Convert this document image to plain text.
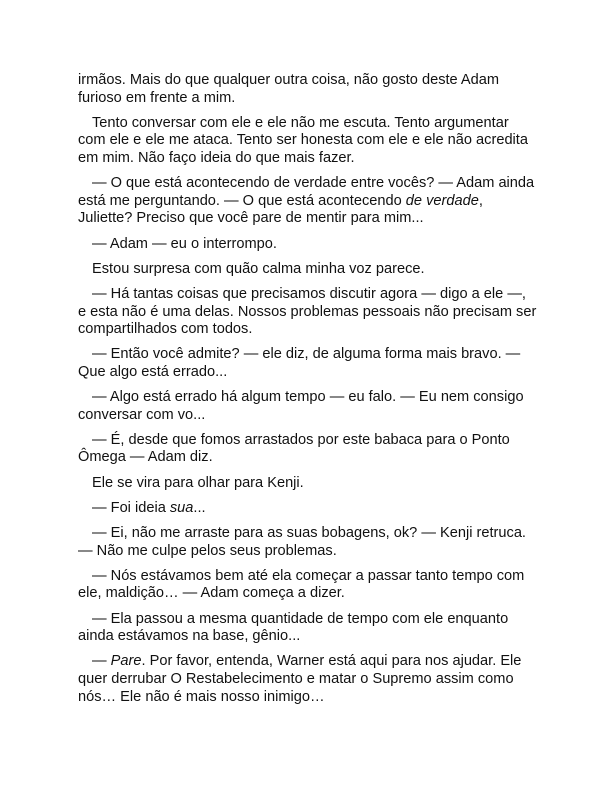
irmãos. Mais do que qualquer outra coisa, não gosto deste Adam furioso em frente a mim.

Tento conversar com ele e ele não me escuta. Tento argumentar com ele e ele me ataca. Tento ser honesta com ele e ele não acredita em mim. Não faço ideia do que mais fazer.

— O que está acontecendo de verdade entre vocês? — Adam ainda está me perguntando. — O que está acontecendo de verdade, Juliette? Preciso que você pare de mentir para mim...

— Adam — eu o interrompo.

Estou surpresa com quão calma minha voz parece.

— Há tantas coisas que precisamos discutir agora — digo a ele —, e esta não é uma delas. Nossos problemas pessoais não precisam ser compartilhados com todos.

— Então você admite? — ele diz, de alguma forma mais bravo. — Que algo está errado...

— Algo está errado há algum tempo — eu falo. — Eu nem consigo conversar com vo...

— É, desde que fomos arrastados por este babaca para o Ponto Ômega — Adam diz.

Ele se vira para olhar para Kenji.

— Foi ideia sua...

— Ei, não me arraste para as suas bobagens, ok? — Kenji retruca. — Não me culpe pelos seus problemas.

— Nós estávamos bem até ela começar a passar tanto tempo com ele, maldição… — Adam começa a dizer.

— Ela passou a mesma quantidade de tempo com ele enquanto ainda estávamos na base, gênio...

— Pare. Por favor, entenda, Warner está aqui para nos ajudar. Ele quer derrubar O Restabelecimento e matar o Supremo assim como nós… Ele não é mais nosso inimigo…
